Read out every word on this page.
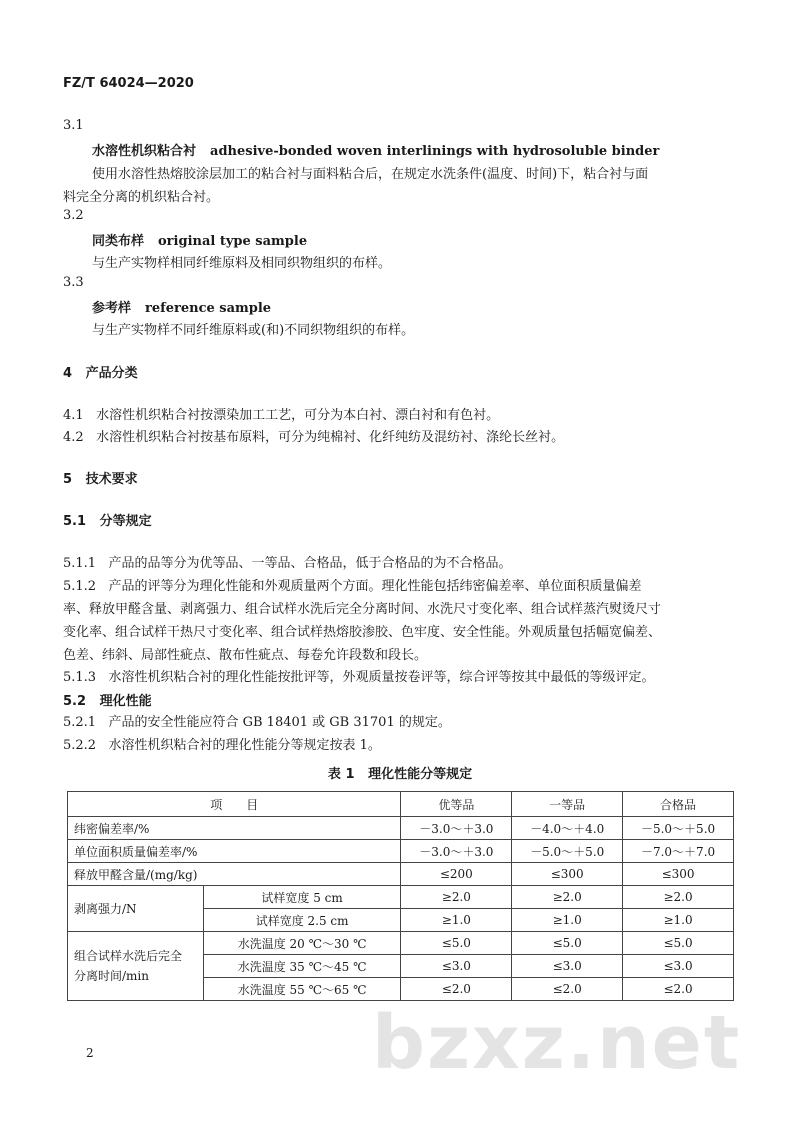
FZ/T 64024—2020
3.1
水溶性机织粘合衬 adhesive-bonded woven interlinings with hydrosoluble binder
使用水溶性热熔胶涂层加工的粘合衬与面料粘合后，在规定水洗条件(温度、时间)下，粘合衬与面
料完全分离的机织粘合衬。
3.2
同类布样 original type sample
与生产实物样相同纤维原料及相同织物组织的布样。
3.3
参考样 reference sample
与生产实物样不同纤维原料或(和)不同织物组织的布样。
4   产品分类
4.1   水溶性机织粘合衬按漂染加工工艺，可分为本白衬、漂白衬和有色衬。
4.2   水溶性机织粘合衬按基布原料，可分为纯棉衬、化纤纯纺及混纺衬、涤纶长丝衬。
5   技术要求
5.1   分等规定
5.1.1   产品的品等分为优等品、一等品、合格品，低于合格品的为不合格品。
5.1.2   产品的评等分为理化性能和外观质量两个方面。理化性能包括纬密偏差率、单位面积质量偏差
率、释放甲醛含量、剥离强力、组合试样水洗后完全分离时间、水洗尺寸变化率、组合试样蒸汽熨烫尺寸
变化率、组合试样干热尺寸变化率、组合试样热熔胶渗胶、色牢度、安全性能。外观质量包括幅宽偏差、
色差、纬斜、局部性疵点、散布性疵点、每卷允许段数和段长。
5.1.3   水溶性机织粘合衬的理化性能按批评等，外观质量按卷评等，综合评等按其中最低的等级评定。
5.2   理化性能
5.2.1   产品的安全性能应符合 GB 18401 或 GB 31701 的规定。
5.2.2   水溶性机织粘合衬的理化性能分等规定按表 1。
表 1   理化性能分等规定
项　　目		优等品	一等品	合格品
纬密偏差率/%		－3.0～＋3.0	－4.0～＋4.0	－5.0～＋5.0
单位面积质量偏差率/%		－3.0～＋3.0	－5.0～＋5.0	－7.0～＋7.0
释放甲醛含量/(mg/kg)		≤200	≤300	≤300
剥离强力/N	试样宽度 5 cm	≥2.0	≥2.0	≥2.0
	试样宽度 2.5 cm	≥1.0	≥1.0	≥1.0

组合试样水洗后完全
分离时间/min	水洗温度 20 ℃～30 ℃	≤5.0	≤5.0	≤5.0
	水洗温度 35 ℃～45 ℃	≤3.0	≤3.0	≤3.0
	水洗温度 55 ℃～65 ℃	≤2.0	≤2.0	≤2.0
bzxz.net
2
